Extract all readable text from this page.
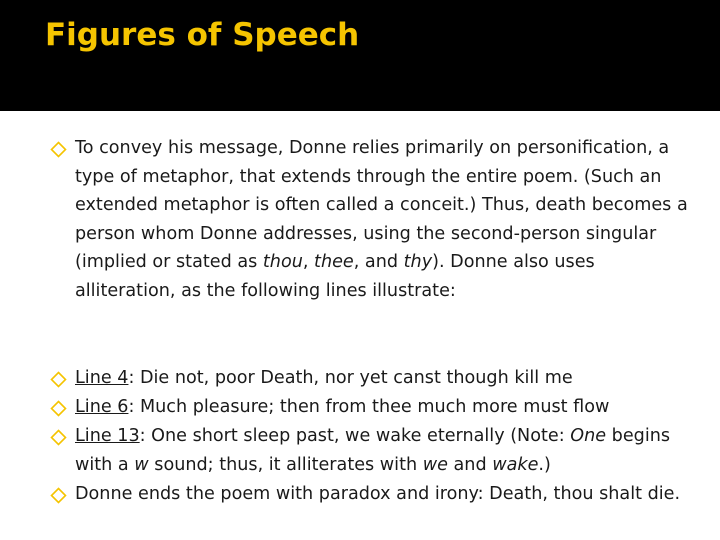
Figures of Speech
To convey his message, Donne relies primarily on personification, a type of metaphor, that extends through the entire poem. (Such an extended metaphor is often called a conceit.) Thus, death becomes a person whom Donne addresses, using the second-person singular (implied or stated as thou, thee, and thy). Donne also uses alliteration, as the following lines illustrate:
Line 4: Die not, poor Death, nor yet canst though kill me
Line 6: Much pleasure; then from thee much more must flow
Line 13: One short sleep past, we wake eternally (Note: One begins with a w sound; thus, it alliterates with we and wake.)
Donne ends the poem with paradox and irony: Death, thou shalt die.
